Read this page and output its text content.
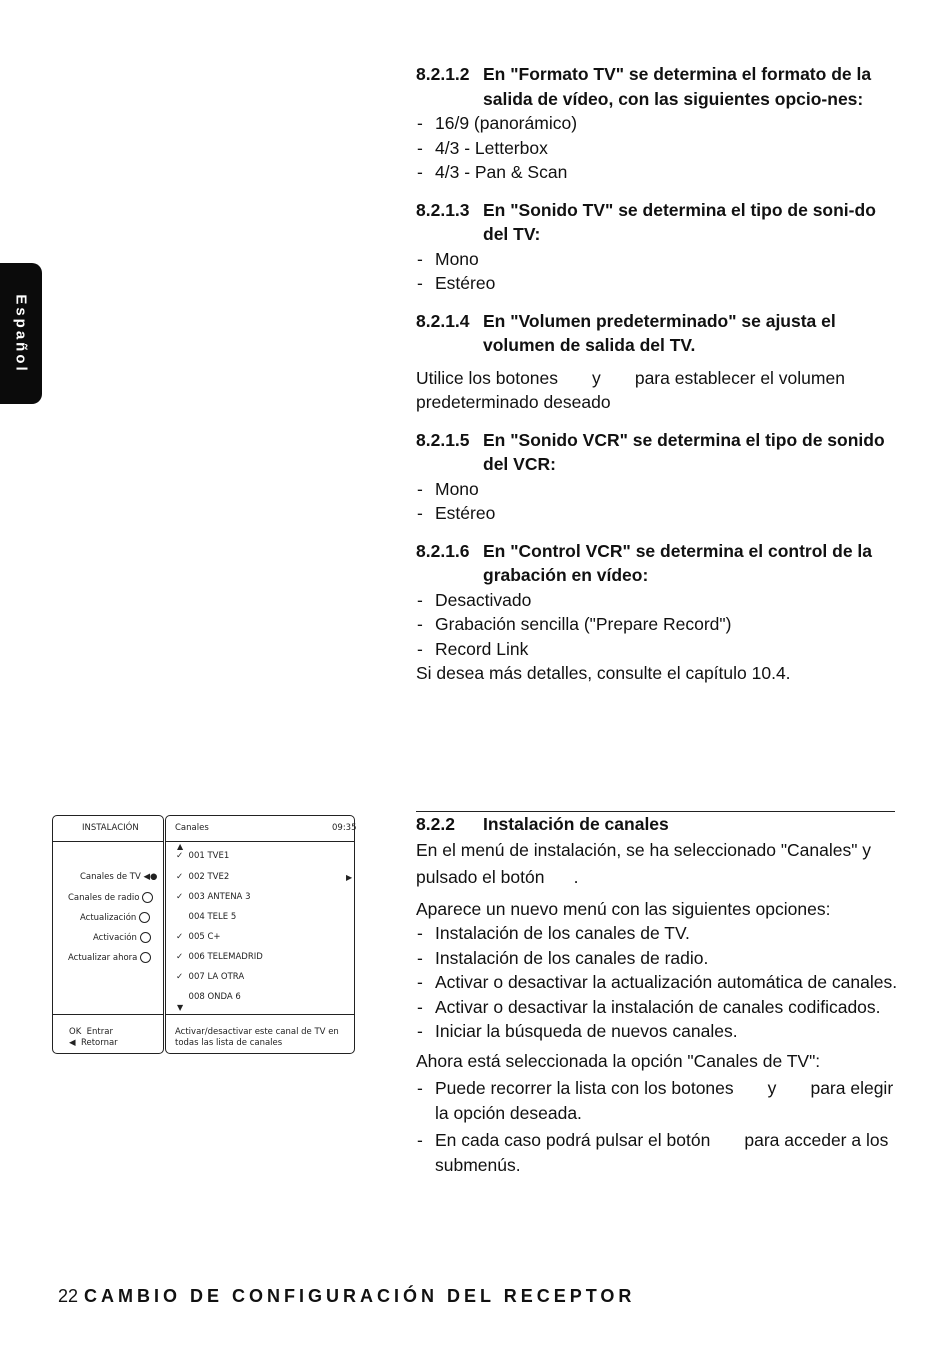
Español
8.2.1.2 En "Formato TV" se determina el formato de la salida de vídeo, con las siguientes opcio-nes:
- 16/9 (panorámico)
- 4/3 - Letterbox
- 4/3 - Pan & Scan
8.2.1.3 En "Sonido TV" se determina el tipo de soni-do del TV:
- Mono
- Estéreo
8.2.1.4 En "Volumen predeterminado" se ajusta el volumen de salida del TV.

Utilice los botones       y       para establecer el volumen predeterminado deseado

8.2.1.5 En "Sonido VCR" se determina el tipo de sonido del VCR:
- Mono
- Estéreo
8.2.1.6 En "Control VCR" se determina el control de la grabación en vídeo:
- Desactivado
- Grabación sencilla ("Prepare Record")
- Record Link

Si desea más detalles, consulte el capítulo 10.4.

8.2.2 Instalación de canales

En el menú de instalación, se ha seleccionado "Canales" y pulsado el botón      .

Aparece un nuevo menú con las siguientes opciones:

- Instalación de los canales de TV.
- Instalación de los canales de radio.
- Activar o desactivar la actualización automática de canales.
- Activar o desactivar la instalación de canales codificados.
- Iniciar la búsqueda de nuevos canales.

Ahora está seleccionada la opción "Canales de TV":

- Puede recorrer la lista con los botones       y       para elegir la opción deseada.
- En cada caso podrá pulsar el botón       para acceder a los submenús.
INSTALACIÓN	Canales	09:35
Canales de TV ◀●
Canales de radio
Actualización
Activación
Actualizar ahora
▲
▼
▶
✓ 001 TVE1
✓ 002 TVE2
✓ 003 ANTENA 3
004 TELE 5
✓ 005 C+
✓ 006 TELEMADRID
✓ 007 LA OTRA
008 ONDA 6
OK Entrar
◀ Retornar
Activar/desactivar este canal de TV en todas las lista de canales
22 CAMBIO DE CONFIGURACIÓN DEL RECEPTOR
